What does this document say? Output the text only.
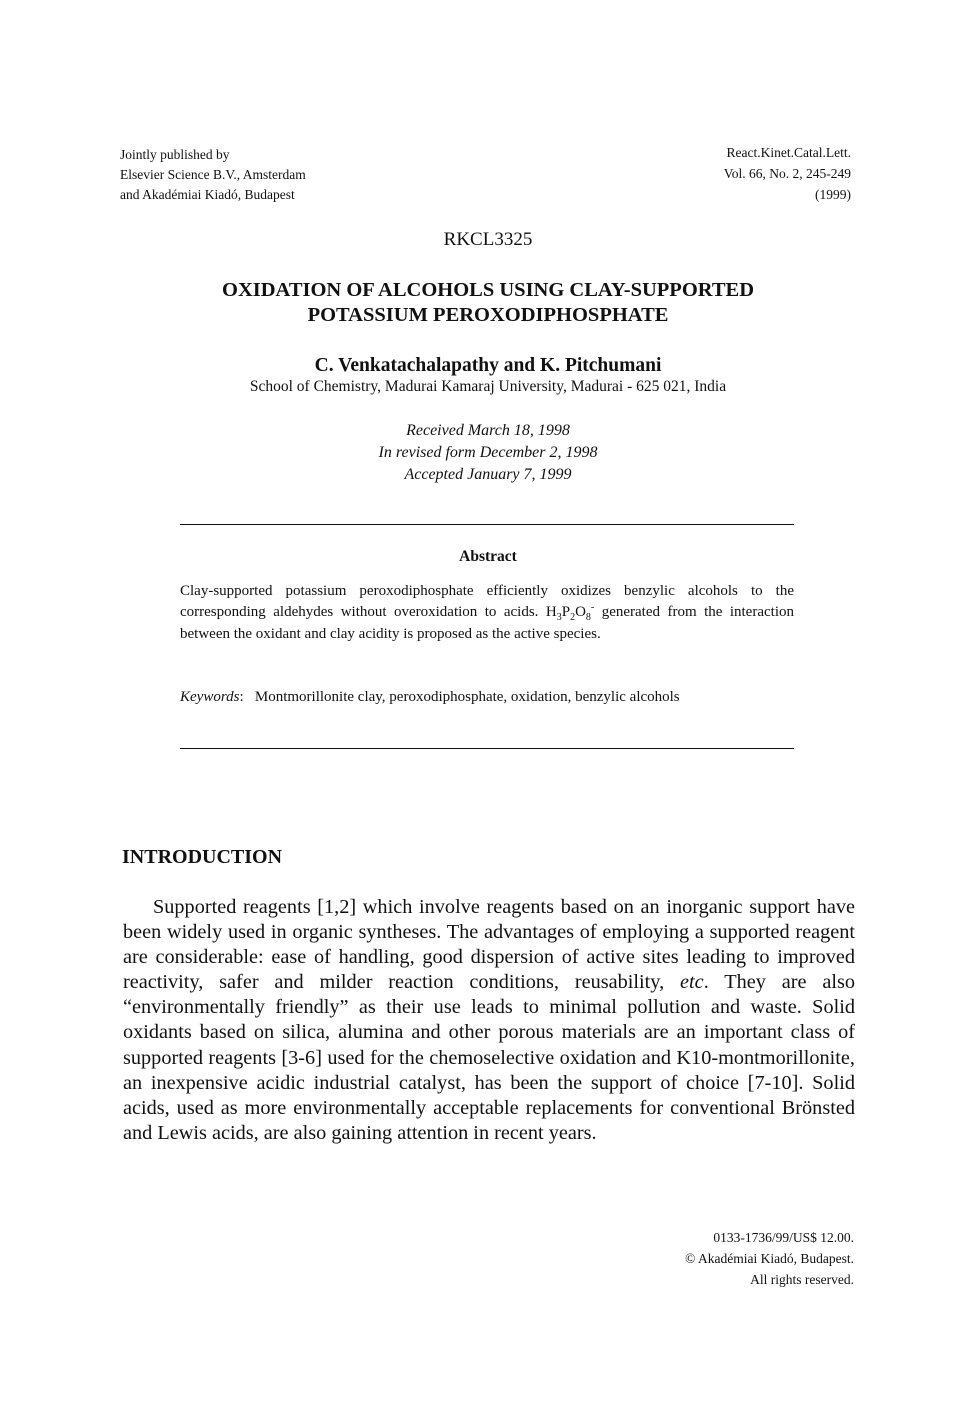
Jointly published by
Elsevier Science B.V., Amsterdam
and Akadémiai Kiadó, Budapest
React.Kinet.Catal.Lett.
Vol. 66, No. 2, 245-249
(1999)
RKCL3325
OXIDATION OF ALCOHOLS USING CLAY-SUPPORTED
POTASSIUM PEROXODIPHOSPHATE
C. Venkatachalapathy and K. Pitchumani
School of Chemistry, Madurai Kamaraj University, Madurai - 625 021, India
Received March 18, 1998
In revised form December 2, 1998
Accepted January 7, 1999
Abstract
Clay-supported potassium peroxodiphosphate efficiently oxidizes benzylic alcohols to the corresponding aldehydes without overoxidation to acids. $H_3P_2O_8^-$ generated from the interaction between the oxidant and clay acidity is proposed as the active species.
Keywords:   Montmorillonite clay, peroxodiphosphate, oxidation, benzylic alcohols
INTRODUCTION
Supported reagents [1,2] which involve reagents based on an inorganic support have been widely used in organic syntheses. The advantages of employing a supported reagent are considerable: ease of handling, good dispersion of active sites leading to improved reactivity, safer and milder reaction conditions, reusability, etc. They are also “environmentally friendly” as their use leads to minimal pollution and waste. Solid oxidants based on silica, alumina and other porous materials are an important class of supported reagents [3-6] used for the chemoselective oxidation and K10-montmorillonite, an inexpensive acidic industrial catalyst, has been the support of choice [7-10]. Solid acids, used as more environmentally acceptable replacements for conventional Brönsted and Lewis acids, are also gaining attention in recent years.
0133-1736/99/US$ 12.00.
© Akadémiai Kiadó, Budapest.
All rights reserved.
